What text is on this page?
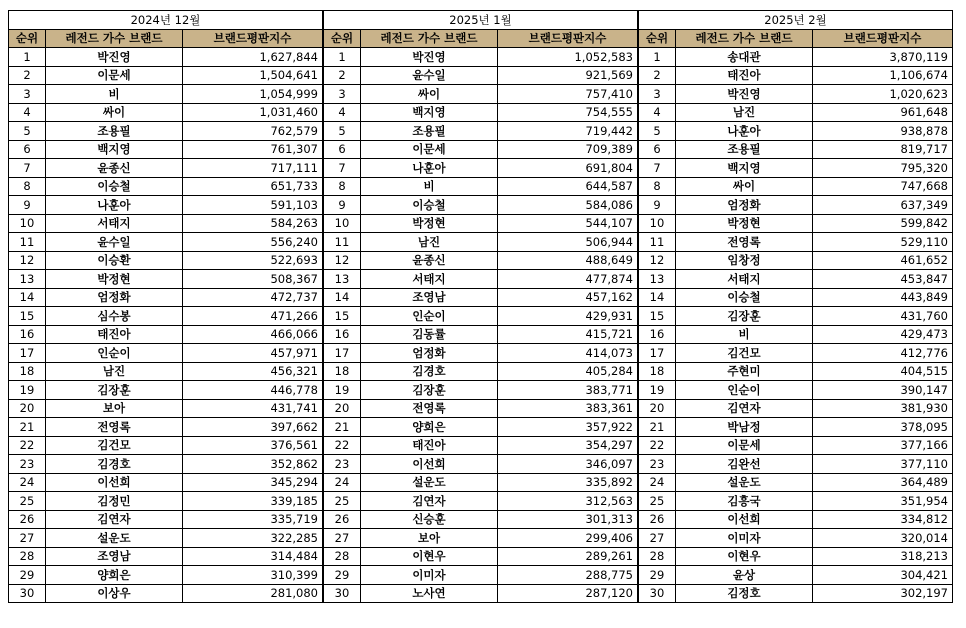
2024년 12월		
순위	레전드 가수 브랜드	브랜드평판지수
1	박진영	1,627,844
2	이문세	1,504,641
3	비	1,054,999
4	싸이	1,031,460
5	조용필	762,579
6	백지영	761,307
7	윤종신	717,111
8	이승철	651,733
9	나훈아	591,103
10	서태지	584,263
11	윤수일	556,240
12	이승환	522,693
13	박정현	508,367
14	엄정화	472,737
15	심수봉	471,266
16	태진아	466,066
17	인순이	457,971
18	남진	456,321
19	김장훈	446,778
20	보아	431,741
21	전영록	397,662
22	김건모	376,561
23	김경호	352,862
24	이선희	345,294
25	김정민	339,185
26	김연자	335,719
27	설운도	322,285
28	조영남	314,484
29	양희은	310,399
30	이상우	281,080
2025년 1월		
순위	레전드 가수 브랜드	브랜드평판지수
1	박진영	1,052,583
2	윤수일	921,569
3	싸이	757,410
4	백지영	754,555
5	조용필	719,442
6	이문세	709,389
7	나훈아	691,804
8	비	644,587
9	이승철	584,086
10	박정현	544,107
11	남진	506,944
12	윤종신	488,649
13	서태지	477,874
14	조영남	457,162
15	인순이	429,931
16	김동률	415,721
17	엄정화	414,073
18	김경호	405,284
19	김장훈	383,771
20	전영록	383,361
21	양희은	357,922
22	태진아	354,297
23	이선희	346,097
24	설운도	335,892
25	김연자	312,563
26	신승훈	301,313
27	보아	299,406
28	이현우	289,261
29	이미자	288,775
30	노사연	287,120
2025년 2월		
순위	레전드 가수 브랜드	브랜드평판지수
1	송대관	3,870,119
2	태진아	1,106,674
3	박진영	1,020,623
4	남진	961,648
5	나훈아	938,878
6	조용필	819,717
7	백지영	795,320
8	싸이	747,668
9	엄정화	637,349
10	박정현	599,842
11	전영록	529,110
12	임창정	461,652
13	서태지	453,847
14	이승철	443,849
15	김장훈	431,760
16	비	429,473
17	김건모	412,776
18	주현미	404,515
19	인순이	390,147
20	김연자	381,930
21	박남정	378,095
22	이문세	377,166
23	김완선	377,110
24	설운도	364,489
25	김흥국	351,954
26	이선희	334,812
27	이미자	320,014
28	이현우	318,213
29	윤상	304,421
30	김정호	302,197
